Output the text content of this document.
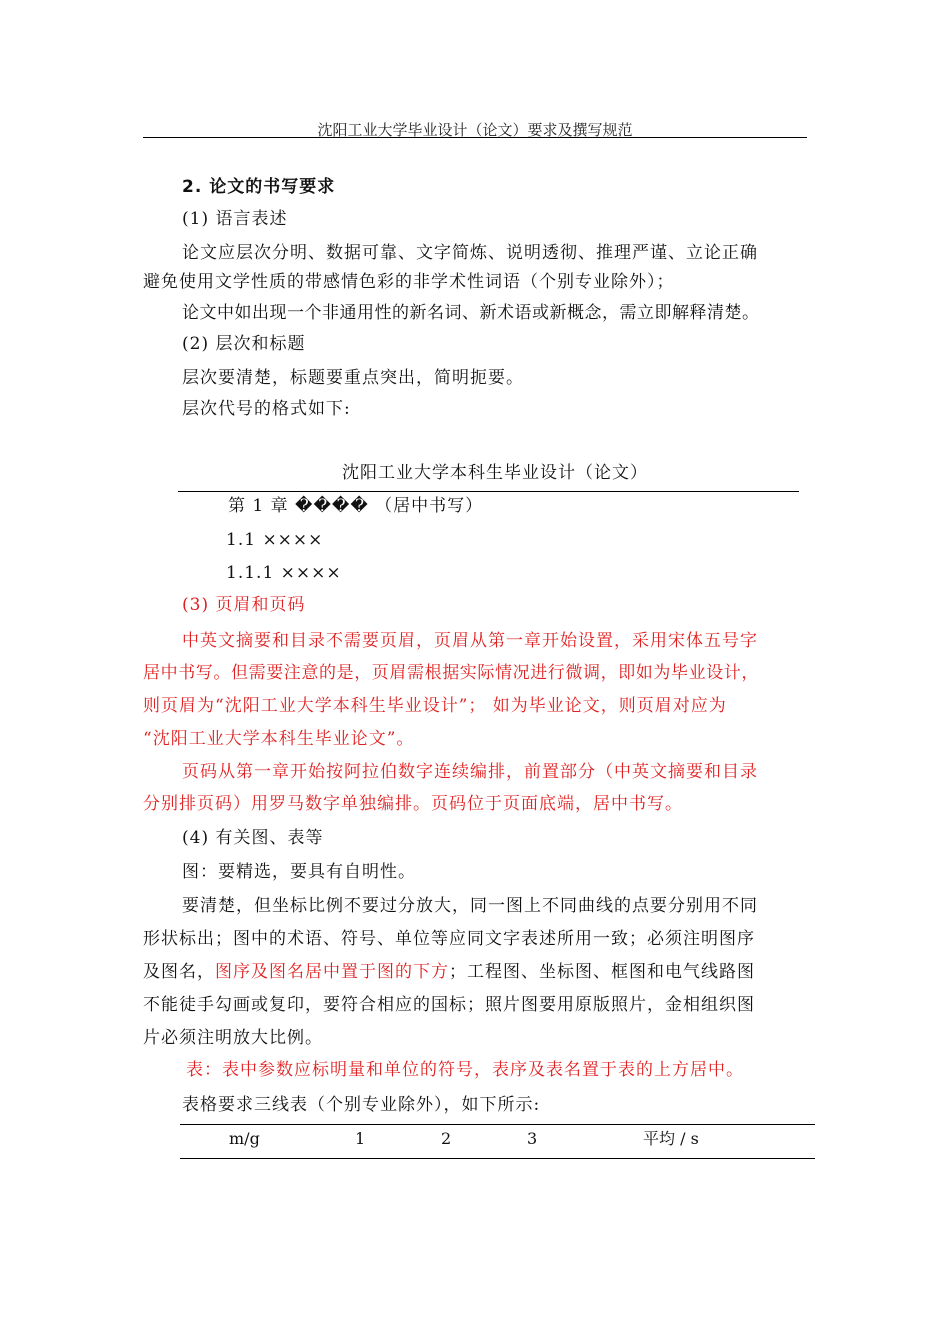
沈阳工业大学毕业设计（论文）要求及撰写规范
2. 论文的书写要求
(1) 语言表述
论文应层次分明、数据可靠、文字简炼、说明透彻、推理严谨、立论正确
避免使用文学性质的带感情色彩的非学术性词语（个别专业除外）；
论文中如出现一个非通用性的新名词、新术语或新概念，需立即解释清楚。
(2) 层次和标题
层次要清楚，标题要重点突出，简明扼要。
层次代号的格式如下:
沈阳工业大学本科生毕业设计（论文）
第 1 章 ���� （居中书写）
1.1 ××××
1.1.1 ××××
(3) 页眉和页码
中英文摘要和目录不需要页眉，页眉从第一章开始设置，采用宋体五号字
居中书写。但需要注意的是，页眉需根据实际情况进行微调，即如为毕业设计，
则页眉为“沈阳工业大学本科生毕业设计”； 如为毕业论文，则页眉对应为
“沈阳工业大学本科生毕业论文”。
页码从第一章开始按阿拉伯数字连续编排，前置部分（中英文摘要和目录
分别排页码）用罗马数字单独编排。页码位于页面底端，居中书写。
(4) 有关图、表等
图：要精选，要具有自明性。
要清楚，但坐标比例不要过分放大，同一图上不同曲线的点要分别用不同
形状标出；图中的术语、符号、单位等应同文字表述所用一致；必须注明图序
及图名，图序及图名居中置于图的下方；工程图、坐标图、框图和电气线路图
不能徒手勾画或复印，要符合相应的国标；照片图要用原版照片，金相组织图
片必须注明放大比例。
表：表中参数应标明量和单位的符号，表序及表名置于表的上方居中。
表格要求三线表（个别专业除外），如下所示:
m/g	1	2	3	平均 / s
